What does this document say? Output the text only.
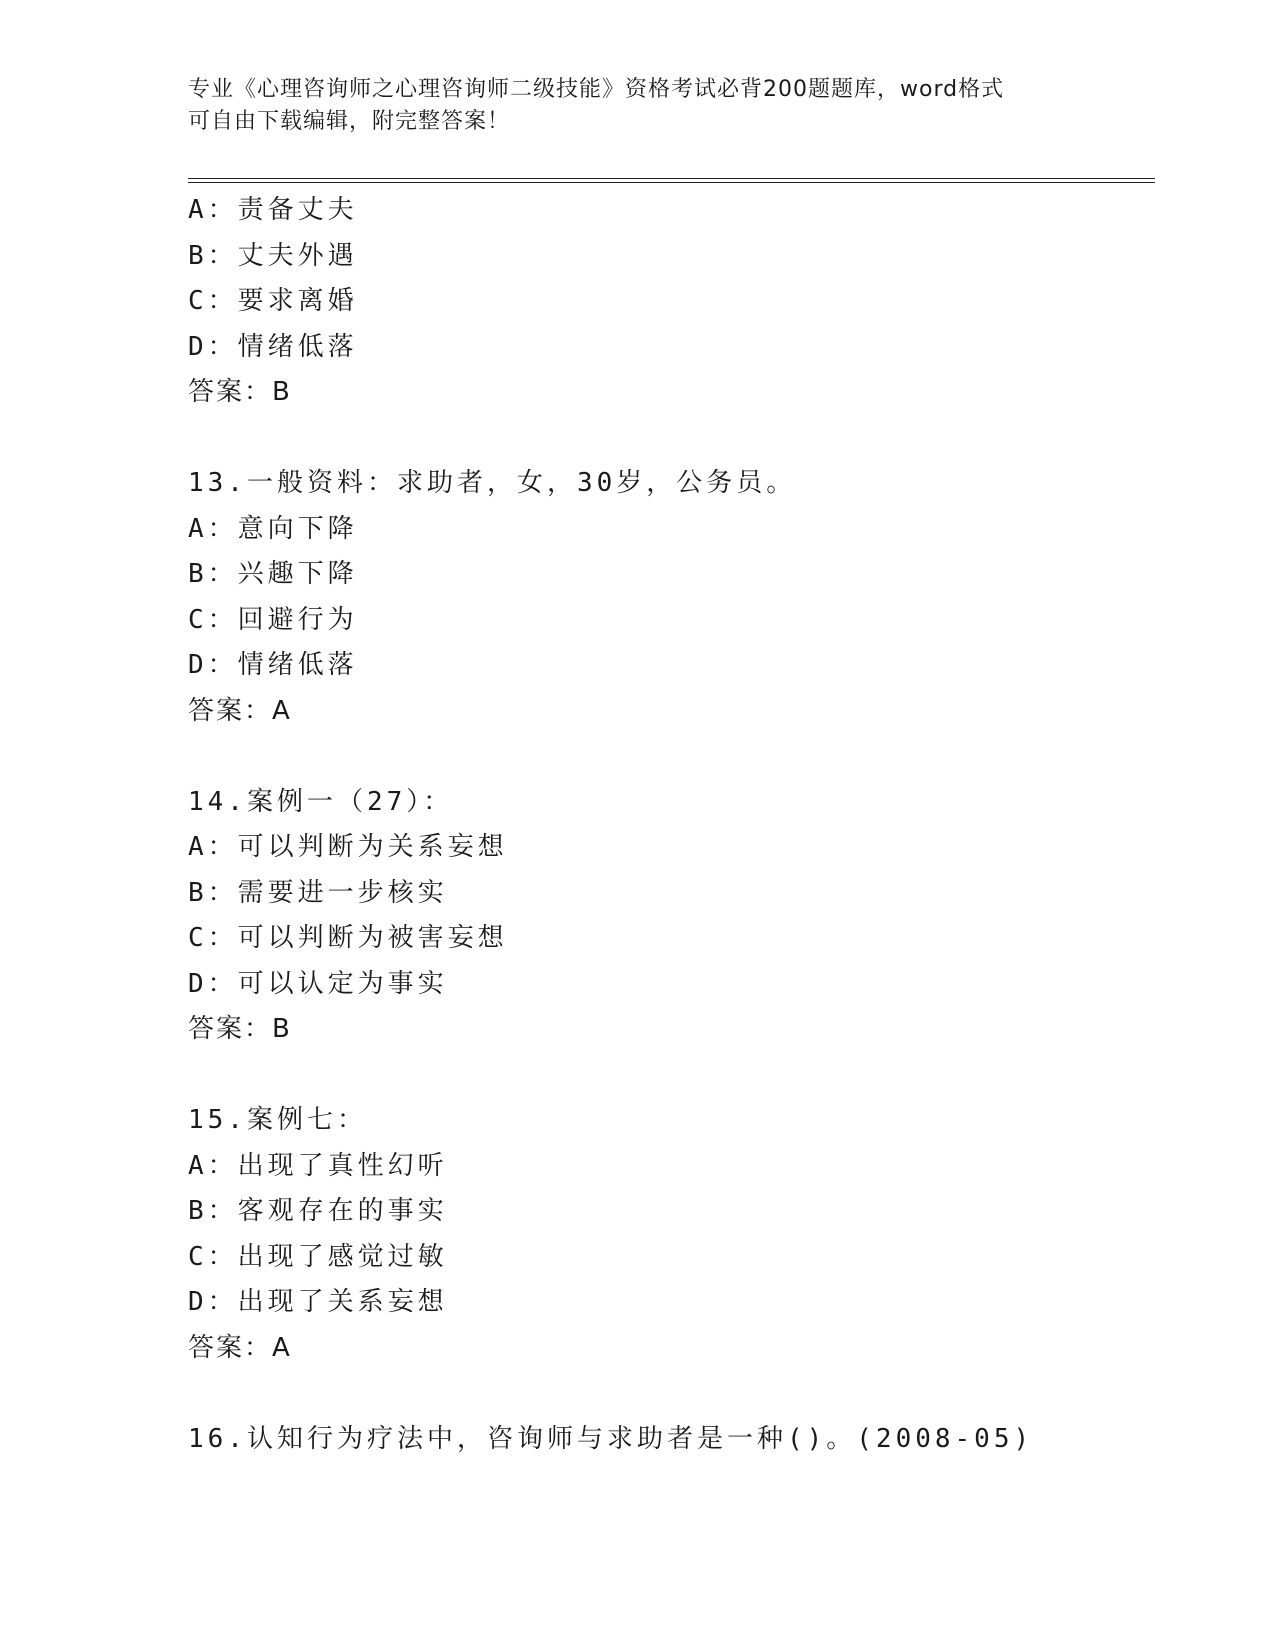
专业《心理咨询师之心理咨询师二级技能》资格考试必背200题题库，word格式
可自由下载编辑，附完整答案！
A：责备丈夫
B：丈夫外遇
C：要求离婚
D：情绪低落
答案：B
13.一般资料：求助者，女，30岁，公务员。
A：意向下降
B：兴趣下降
C：回避行为
D：情绪低落
答案：A
14.案例一（27）：
A：可以判断为关系妄想
B：需要进一步核实
C：可以判断为被害妄想
D：可以认定为事实
答案：B
15.案例七：
A：出现了真性幻听
B：客观存在的事实
C：出现了感觉过敏
D：出现了关系妄想
答案：A
16.认知行为疗法中，咨询师与求助者是一种()。(2008-05)
